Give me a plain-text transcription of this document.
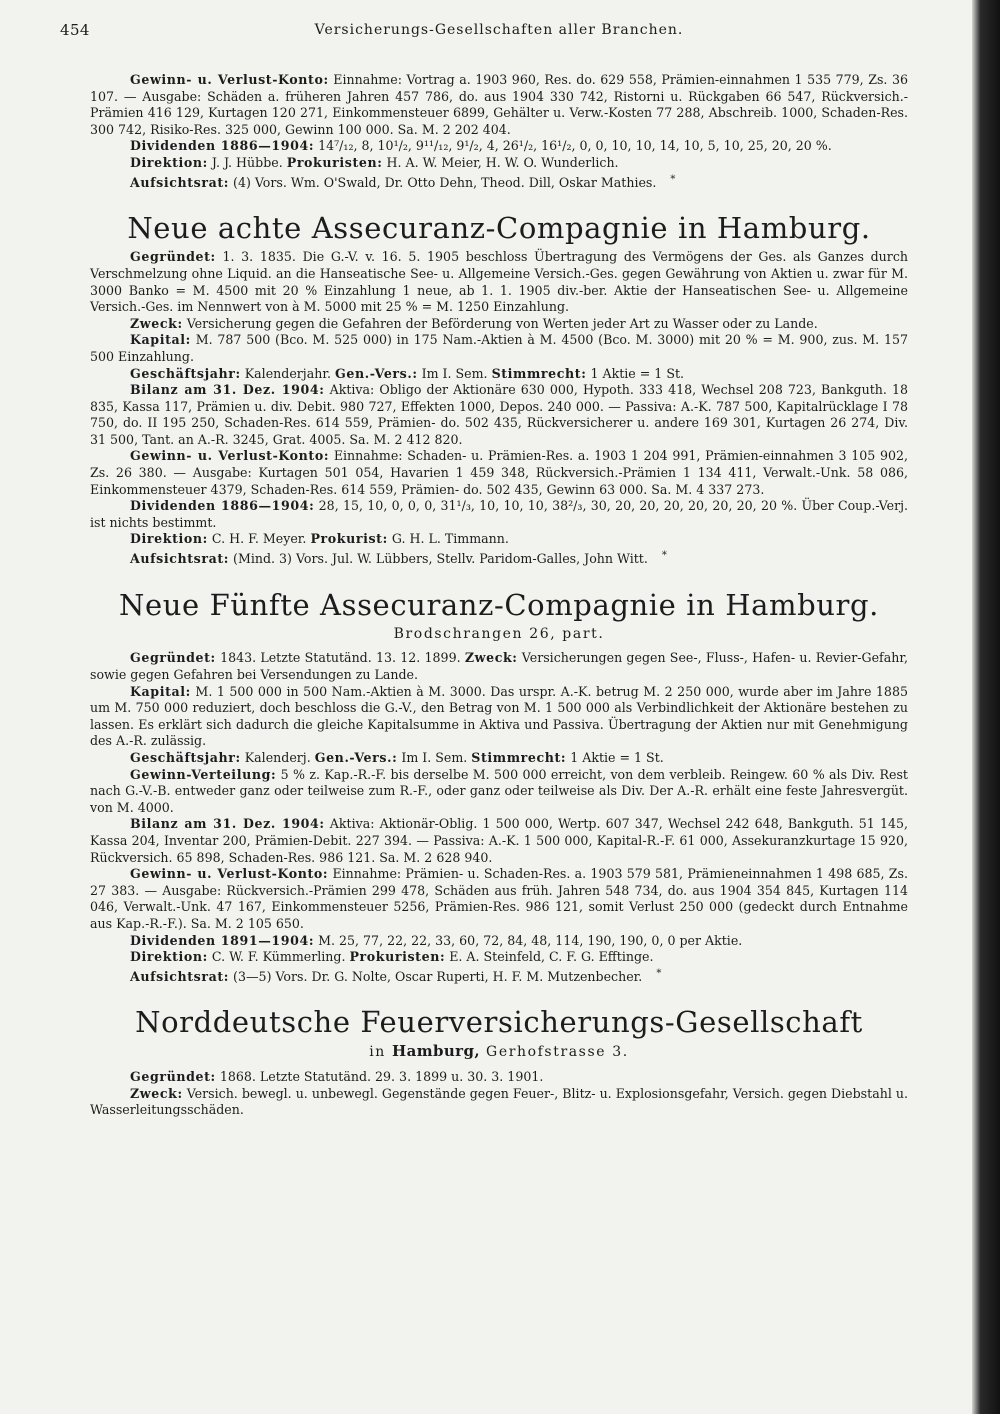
454	Versicherungs-Gesellschaften aller Branchen.

Gewinn- u. Verlust-Konto: Einnahme: Vortrag a. 1903 960, Res. do. 629 558, Prämien-einnahmen 1 535 779, Zs. 36 107. — Ausgabe: Schäden a. früheren Jahren 457 786, do. aus 1904 330 742, Ristorni u. Rückgaben 66 547, Rückversich.-Prämien 416 129, Kurtagen 120 271, Einkommensteuer 6899, Gehälter u. Verw.-Kosten 77 288, Abschreib. 1000, Schaden-Res. 300 742, Risiko-Res. 325 000, Gewinn 100 000. Sa. M. 2 202 404.

Dividenden 1886—1904: 14⁷/₁₂, 8, 10¹/₂, 9¹¹/₁₂, 9¹/₂, 4, 26¹/₂, 16¹/₂, 0, 0, 10, 10, 14, 10, 5, 10, 25, 20, 20 %.

Direktion: J. J. Hübbe. Prokuristen: H. A. W. Meier, H. W. O. Wunderlich.

Aufsichtsrat: (4) Vors. Wm. O'Swald, Dr. Otto Dehn, Theod. Dill, Oskar Mathies. *

Neue achte Assecuranz-Compagnie in Hamburg.

Gegründet: 1. 3. 1835. Die G.-V. v. 16. 5. 1905 beschloss Übertragung des Vermögens der Ges. als Ganzes durch Verschmelzung ohne Liquid. an die Hanseatische See- u. Allgemeine Versich.-Ges. gegen Gewährung von Aktien u. zwar für M. 3000 Banko = M. 4500 mit 20 % Einzahlung 1 neue, ab 1. 1. 1905 div.-ber. Aktie der Hanseatischen See- u. Allgemeine Versich.-Ges. im Nennwert von à M. 5000 mit 25 % = M. 1250 Einzahlung.

Zweck: Versicherung gegen die Gefahren der Beförderung von Werten jeder Art zu Wasser oder zu Lande.

Kapital: M. 787 500 (Bco. M. 525 000) in 175 Nam.-Aktien à M. 4500 (Bco. M. 3000) mit 20 % = M. 900, zus. M. 157 500 Einzahlung.

Geschäftsjahr: Kalenderjahr. Gen.-Vers.: Im I. Sem. Stimmrecht: 1 Aktie = 1 St.

Bilanz am 31. Dez. 1904: Aktiva: Obligo der Aktionäre 630 000, Hypoth. 333 418, Wechsel 208 723, Bankguth. 18 835, Kassa 117, Prämien u. div. Debit. 980 727, Effekten 1000, Depos. 240 000. — Passiva: A.-K. 787 500, Kapitalrücklage I 78 750, do. II 195 250, Schaden-Res. 614 559, Prämien- do. 502 435, Rückversicherer u. andere 169 301, Kurtagen 26 274, Div. 31 500, Tant. an A.-R. 3245, Grat. 4005. Sa. M. 2 412 820.

Gewinn- u. Verlust-Konto: Einnahme: Schaden- u. Prämien-Res. a. 1903 1 204 991, Prämien-einnahmen 3 105 902, Zs. 26 380. — Ausgabe: Kurtagen 501 054, Havarien 1 459 348, Rückversich.-Prämien 1 134 411, Verwalt.-Unk. 58 086, Einkommensteuer 4379, Schaden-Res. 614 559, Prämien- do. 502 435, Gewinn 63 000. Sa. M. 4 337 273.

Dividenden 1886—1904: 28, 15, 10, 0, 0, 0, 31¹/₃, 10, 10, 10, 38²/₃, 30, 20, 20, 20, 20, 20, 20, 20 %. Über Coup.-Verj. ist nichts bestimmt.

Direktion: C. H. F. Meyer. Prokurist: G. H. L. Timmann.

Aufsichtsrat: (Mind. 3) Vors. Jul. W. Lübbers, Stellv. Paridom-Galles, John Witt. *

Neue Fünfte Assecuranz-Compagnie in Hamburg.
Brodschrangen 26, part.

Gegründet: 1843. Letzte Statutänd. 13. 12. 1899. Zweck: Versicherungen gegen See-, Fluss-, Hafen- u. Revier-Gefahr, sowie gegen Gefahren bei Versendungen zu Lande.

Kapital: M. 1 500 000 in 500 Nam.-Aktien à M. 3000. Das urspr. A.-K. betrug M. 2 250 000, wurde aber im Jahre 1885 um M. 750 000 reduziert, doch beschloss die G.-V., den Betrag von M. 1 500 000 als Verbindlichkeit der Aktionäre bestehen zu lassen. Es erklärt sich dadurch die gleiche Kapitalsumme in Aktiva und Passiva. Übertragung der Aktien nur mit Genehmigung des A.-R. zulässig.

Geschäftsjahr: Kalenderj. Gen.-Vers.: Im I. Sem. Stimmrecht: 1 Aktie = 1 St.

Gewinn-Verteilung: 5 % z. Kap.-R.-F. bis derselbe M. 500 000 erreicht, von dem verbleib. Reingew. 60 % als Div. Rest nach G.-V.-B. entweder ganz oder teilweise zum R.-F., oder ganz oder teilweise als Div. Der A.-R. erhält eine feste Jahresvergüt. von M. 4000.

Bilanz am 31. Dez. 1904: Aktiva: Aktionär-Oblig. 1 500 000, Wertp. 607 347, Wechsel 242 648, Bankguth. 51 145, Kassa 204, Inventar 200, Prämien-Debit. 227 394. — Passiva: A.-K. 1 500 000, Kapital-R.-F. 61 000, Assekuranzkurtage 15 920, Rückversich. 65 898, Schaden-Res. 986 121. Sa. M. 2 628 940.

Gewinn- u. Verlust-Konto: Einnahme: Prämien- u. Schaden-Res. a. 1903 579 581, Prämieneinnahmen 1 498 685, Zs. 27 383. — Ausgabe: Rückversich.-Prämien 299 478, Schäden aus früh. Jahren 548 734, do. aus 1904 354 845, Kurtagen 114 046, Verwalt.-Unk. 47 167, Einkommensteuer 5256, Prämien-Res. 986 121, somit Verlust 250 000 (gedeckt durch Entnahme aus Kap.-R.-F.). Sa. M. 2 105 650.

Dividenden 1891—1904: M. 25, 77, 22, 22, 33, 60, 72, 84, 48, 114, 190, 190, 0, 0 per Aktie.

Direktion: C. W. F. Kümmerling. Prokuristen: E. A. Steinfeld, C. F. G. Efftinge.

Aufsichtsrat: (3—5) Vors. Dr. G. Nolte, Oscar Ruperti, H. F. M. Mutzenbecher. *

Norddeutsche Feuerversicherungs-Gesellschaft
in Hamburg, Gerhofstrasse 3.

Gegründet: 1868. Letzte Statutänd. 29. 3. 1899 u. 30. 3. 1901.

Zweck: Versich. bewegl. u. unbewegl. Gegenstände gegen Feuer-, Blitz- u. Explosionsgefahr, Versich. gegen Diebstahl u. Wasserleitungsschäden.
